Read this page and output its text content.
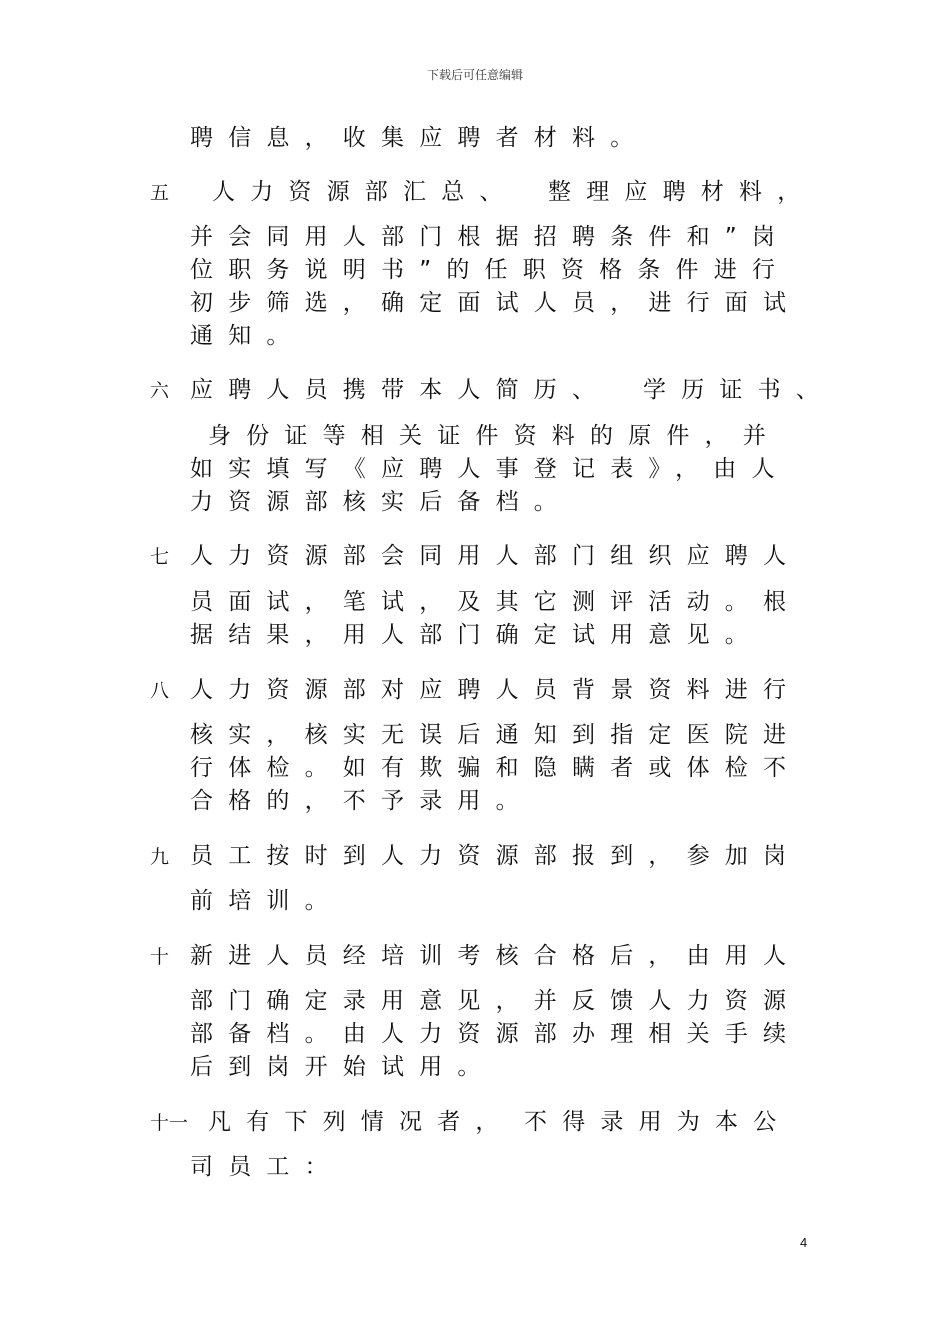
下载后可任意编辑
聘信息，收集应聘者材料。
五 人力资源部汇总、 整理应聘材料，
并会同用人部门根据招聘条件和”岗
位职务说明书”的任职资格条件进行
初步筛选，确定面试人员，进行面试
通知。
六 应聘人员携带本人简历、 学历证书、
身份证等相关证件资料的原件，并
如实填写《应聘人事登记表》，由人
力资源部核实后备档。
七 人力资源部会同用人部门组织应聘人
员面试，笔试，及其它测评活动。根
据结果，用人部门确定试用意见。
八 人力资源部对应聘人员背景资料进行
核实，核实无误后通知到指定医院进
行体检。如有欺骗和隐瞒者或体检不
合格的，不予录用。
九 员工按时到人力资源部报到，参加岗
前培训。
十 新进人员经培训考核合格后，由用人
部门确定录用意见，并反馈人力资源
部备档。由人力资源部办理相关手续
后到岗开始试用。
十一 凡有下列情况者， 不得录用为本公
司员工：
4
